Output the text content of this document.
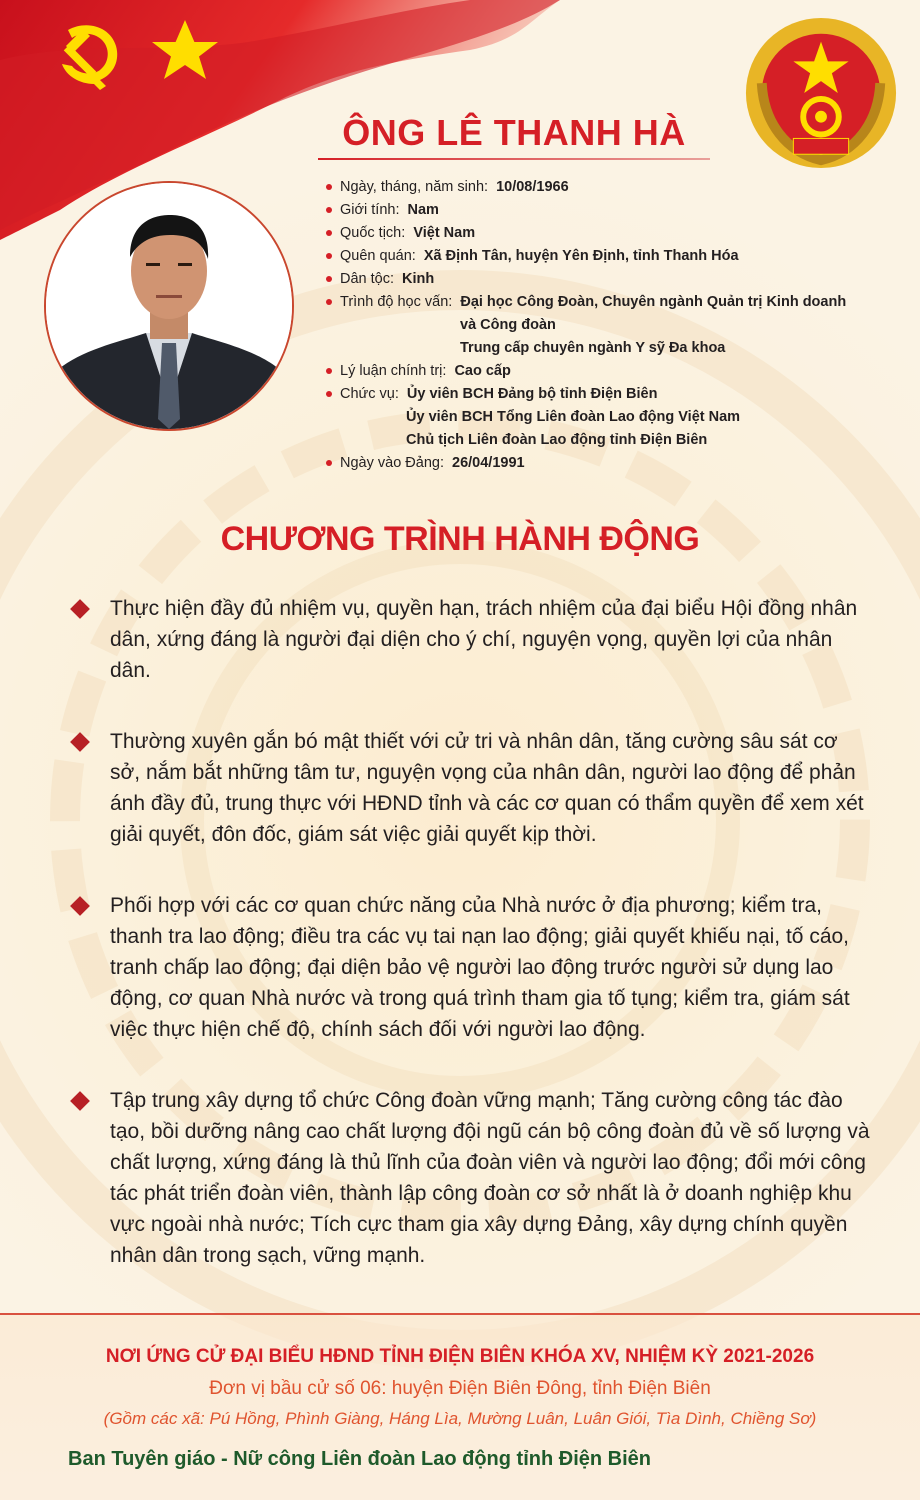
ÔNG LÊ THANH HÀ
Ngày, tháng, năm sinh: 10/08/1966
Giới tính: Nam
Quốc tịch: Việt Nam
Quên quán: Xã Định Tân, huyện Yên Định, tỉnh Thanh Hóa
Dân tộc: Kinh
Trình độ học vấn: Đại học Công Đoàn, Chuyên ngành Quản trị Kinh doanh
và Công đoàn
Trung cấp chuyên ngành Y sỹ Đa khoa
Lý luận chính trị: Cao cấp
Chức vụ: Ủy viên BCH Đảng bộ tỉnh Điện Biên
Ủy viên BCH Tổng Liên đoàn Lao động Việt Nam
Chủ tịch Liên đoàn Lao động tỉnh Điện Biên
Ngày vào Đảng: 26/04/1991
CHƯƠNG TRÌNH HÀNH ĐỘNG
Thực hiện đầy đủ nhiệm vụ, quyền hạn, trách nhiệm của đại biểu Hội đồng nhân dân, xứng đáng là người đại diện cho ý chí, nguyện vọng, quyền lợi của nhân dân.
Thường xuyên gắn bó mật thiết với cử tri và nhân dân, tăng cường sâu sát cơ sở, nắm bắt những tâm tư, nguyện vọng của nhân dân, người lao động để phản ánh đầy đủ, trung thực với HĐND tỉnh và các cơ quan có thẩm quyền để xem xét giải quyết, đôn đốc, giám sát việc giải quyết kịp thời.
Phối hợp với các cơ quan chức năng của Nhà nước ở địa phương; kiểm tra, thanh tra lao động; điều tra các vụ tai nạn lao động; giải quyết khiếu nại, tố cáo, tranh chấp lao động; đại diện bảo vệ người lao động trước người sử dụng lao động, cơ quan Nhà nước và trong quá trình tham gia tố tụng; kiểm tra, giám sát việc thực hiện chế độ, chính sách đối với người lao động.
Tập trung xây dựng tổ chức Công đoàn vững mạnh; Tăng cường công tác đào tạo, bồi dưỡng nâng cao chất lượng đội ngũ cán bộ công đoàn đủ về số lượng và chất lượng, xứng đáng là thủ lĩnh của đoàn viên và người lao động; đổi mới công tác phát triển đoàn viên, thành lập công đoàn cơ sở nhất là ở doanh nghiệp khu vực ngoài nhà nước; Tích cực tham gia xây dựng Đảng, xây dựng chính quyền nhân dân trong sạch, vững mạnh.
NƠI ỨNG CỬ ĐẠI BIỂU HĐND TỈNH ĐIỆN BIÊN KHÓA XV, NHIỆM KỲ 2021-2026
Đơn vị bầu cử số 06: huyện Điện Biên Đông, tỉnh Điện Biên
(Gồm các xã: Pú Hồng, Phình Giàng, Háng Lìa, Mường Luân, Luân Giói, Tìa Dình, Chiềng Sơ)
Ban Tuyên giáo - Nữ công Liên đoàn Lao động tỉnh Điện Biên
